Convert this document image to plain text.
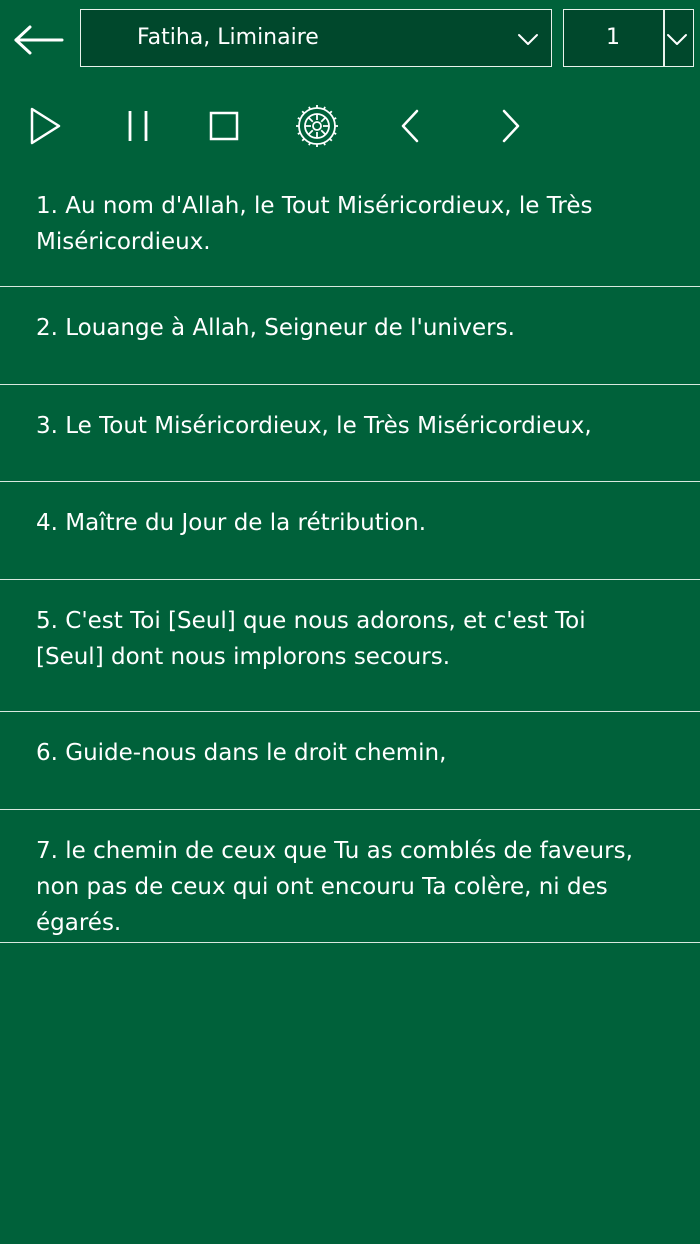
Fatiha, Liminaire	1
1. Au nom d'Allah, le Tout Miséricordieux, le Très Miséricordieux.
2. Louange à Allah, Seigneur de l'univers.
3. Le Tout Miséricordieux, le Très Miséricordieux,
4. Maître du Jour de la rétribution.
5. C'est Toi [Seul] que nous adorons, et c'est Toi [Seul] dont nous implorons secours.
6. Guide-nous dans le droit chemin,
7. le chemin de ceux que Tu as comblés de faveurs, non pas de ceux qui ont encouru Ta colère, ni des égarés.
